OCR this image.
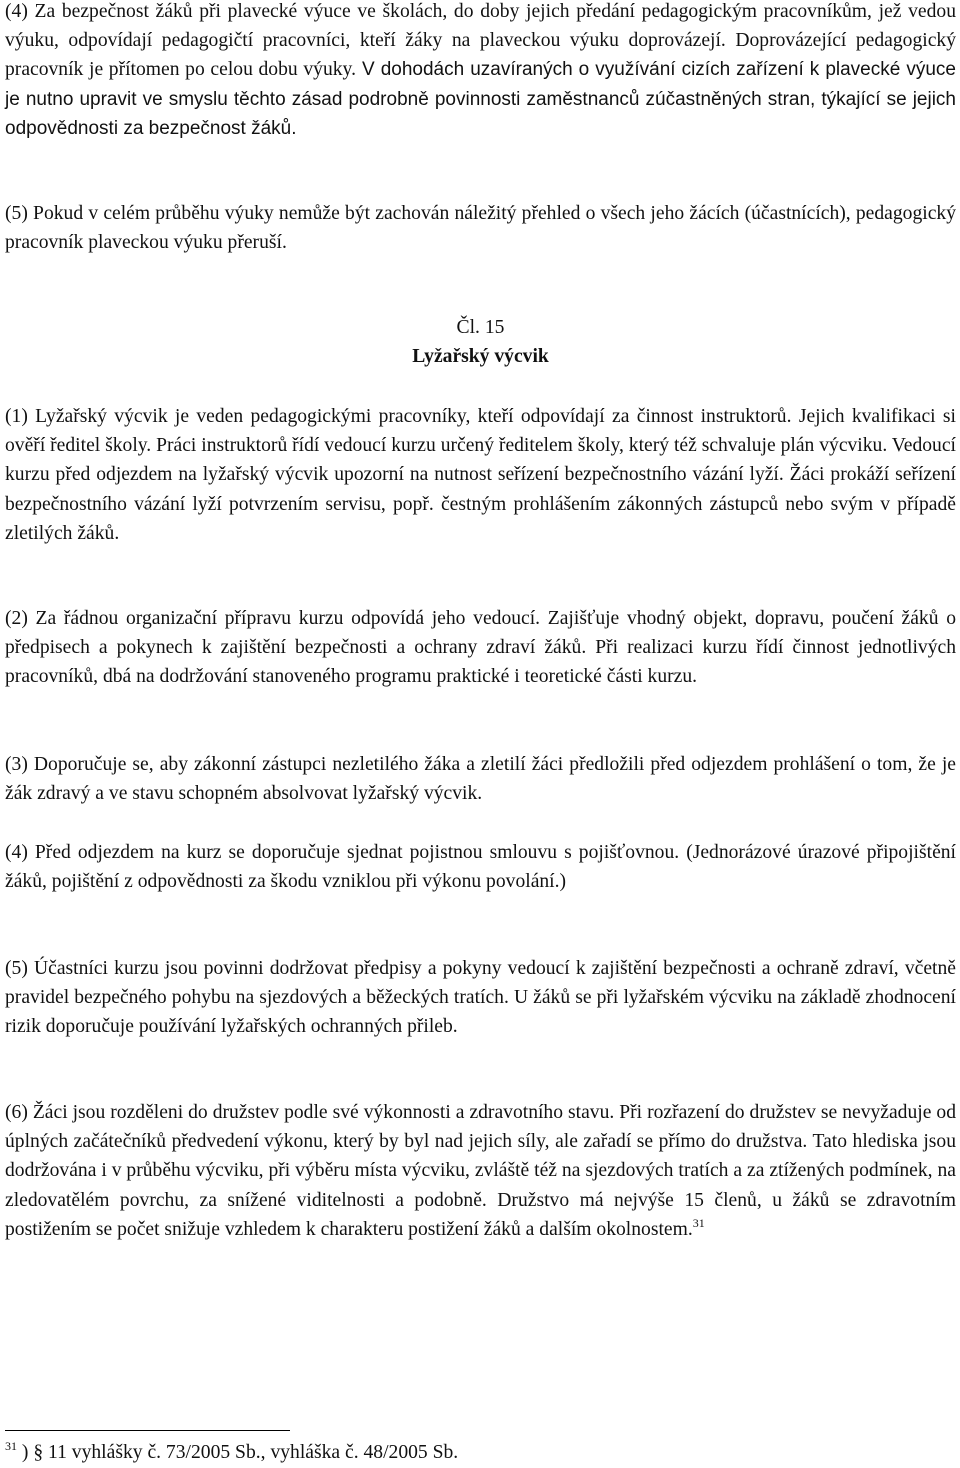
(4) Za bezpečnost žáků při plavecké výuce ve školách, do doby jejich předání pedagogickým pracovníkům, jež vedou výuku, odpovídají pedagogičtí pracovníci, kteří žáky na plaveckou výuku doprovázejí. Doprovázející pedagogický pracovník je přítomen po celou dobu výuky. V dohodách uzavíraných o využívání cizích zařízení k plavecké výuce je nutno upravit ve smyslu těchto zásad podrobně povinnosti zaměstnanců zúčastněných stran, týkající se jejich odpovědnosti za bezpečnost žáků.

(5) Pokud v celém průběhu výuky nemůže být zachován náležitý přehled o všech jeho žácích (účastnících), pedagogický pracovník plaveckou výuku přeruší.

Čl. 15

Lyžařský výcvik

(1) Lyžařský výcvik je veden pedagogickými pracovníky, kteří odpovídají za činnost instruktorů. Jejich kvalifikaci si ověří ředitel školy. Práci instruktorů řídí vedoucí kurzu určený ředitelem školy, který též schvaluje plán výcviku. Vedoucí kurzu před odjezdem na lyžařský výcvik upozorní na nutnost seřízení bezpečnostního vázání lyží. Žáci prokáží seřízení bezpečnostního vázání lyží potvrzením servisu, popř. čestným prohlášením zákonných zástupců nebo svým v případě zletilých žáků.

(2) Za řádnou organizační přípravu kurzu odpovídá jeho vedoucí. Zajišťuje vhodný objekt, dopravu, poučení žáků o předpisech a pokynech k zajištění bezpečnosti a ochrany zdraví žáků. Při realizaci kurzu řídí činnost jednotlivých pracovníků, dbá na dodržování stanoveného programu praktické i teoretické části kurzu.

(3) Doporučuje se, aby zákonní zástupci nezletilého žáka a zletilí žáci předložili před odjezdem prohlášení o tom, že je žák zdravý a ve stavu schopném absolvovat lyžařský výcvik.

(4) Před odjezdem na kurz se doporučuje sjednat pojistnou smlouvu s pojišťovnou. (Jednorázové úrazové připojištění žáků, pojištění z odpovědnosti za škodu vzniklou při výkonu povolání.)

(5) Účastníci kurzu jsou povinni dodržovat předpisy a pokyny vedoucí k zajištění bezpečnosti a ochraně zdraví, včetně pravidel bezpečného pohybu na sjezdových a běžeckých tratích. U žáků se při lyžařském výcviku na základě zhodnocení rizik doporučuje používání lyžařských ochranných přileb.

(6) Žáci jsou rozděleni do družstev podle své výkonnosti a zdravotního stavu. Při rozřazení do družstev se nevyžaduje od úplných začátečníků předvedení výkonu, který by byl nad jejich síly, ale zařadí se přímo do družstva. Tato hlediska jsou dodržována i v průběhu výcviku, při výběru místa výcviku, zvláště též na sjezdových tratích a za ztížených podmínek, na zledovatělém povrchu, za snížené viditelnosti a podobně. Družstvo má nejvýše 15 členů, u žáků se zdravotním postižením se počet snižuje vzhledem k charakteru postižení žáků a dalším okolnostem.$^{31}$

$^{31}$ ) § 11 vyhlášky č. 73/2005 Sb., vyhláška č. 48/2005 Sb.
